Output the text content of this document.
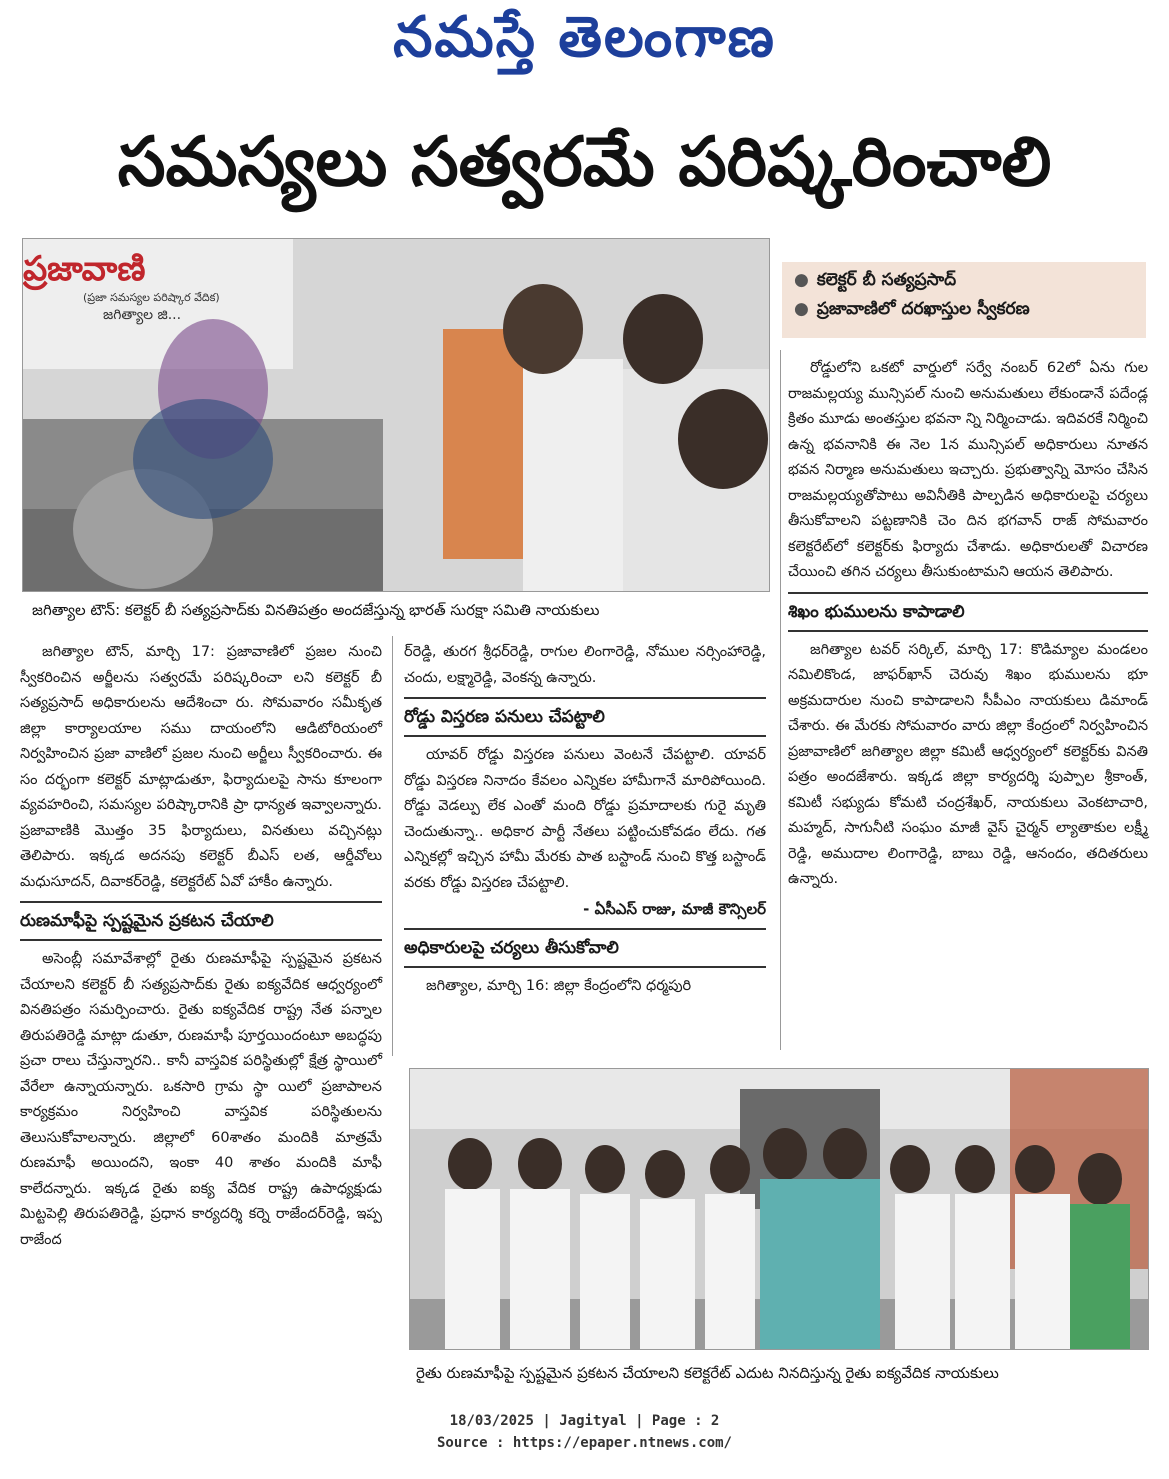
నమస్తే తెలంగాణ
సమస్యలు సత్వరమే పరిష్కరించాలి
ప్రజావాణి
(ప్రజా సమస్యల పరిష్కార వేదిక)
జగిత్యాల జి...
జగిత్యాల టౌన్‌: కలెక్టర్‌ బీ సత్యప్రసాద్‌కు వినతిపత్రం అందజేస్తున్న భారత్‌ సురక్షా సమితి నాయకులు
● కలెక్టర్‌ బీ సత్యప్రసాద్‌
● ప్రజావాణిలో దరఖాస్తుల స్వీకరణ

రోడ్డులోని ఒకటో వార్డులో సర్వే నంబర్‌ 62లో ఏను గుల రాజమల్లయ్య మున్సిపల్‌ నుంచి అనుమతులు లేకుండానే పదేండ్ల క్రితం మూడు అంతస్తుల భవనా న్ని నిర్మించాడు. ఇదివరకే నిర్మించి ఉన్న భవనానికి ఈ నెల 1న మున్సిపల్‌ అధికారులు నూతన భవన నిర్మాణ అనుమతులు ఇచ్చారు. ప్రభుత్వాన్ని మోసం చేసిన రాజమల్లయ్యతోపాటు అవినీతికి పాల్పడిన అధికారులపై చర్యలు తీసుకోవాలని పట్టణానికి చెం దిన భగవాన్‌ రాజ్‌ సోమవారం కలెక్టరేట్‌లో కలెక్టర్‌కు ఫిర్యాదు చేశాడు. అధికారులతో విచారణ చేయించి తగిన చర్యలు తీసుకుంటామని ఆయన తెలిపారు.

శిఖం భుములను కాపాడాలి

జగిత్యాల టవర్‌ సర్కిల్‌, మార్చి 17: కొడిమ్యాల మండలం నమిలికొండ, జాఫర్‌ఖాన్‌ చెరువు శిఖం భుములను భూ అక్రమదారుల నుంచి కాపాడాలని సీపీఎం నాయకులు డిమాండ్‌ చేశారు. ఈ మేరకు సోమవారం వారు జిల్లా కేంద్రంలో నిర్వహించిన ప్రజావాణిలో జగిత్యాల జిల్లా కమిటీ ఆధ్వర్యంలో కలెక్టర్‌కు వినతి పత్రం అందజేశారు. ఇక్కడ జిల్లా కార్యదర్శి పుప్పాల శ్రీకాంత్‌, కమిటీ సభ్యుడు కోమటి చంద్రశేఖర్‌, నాయకులు వెంకటాచారి, మహ్మద్‌, సాగునీటి సంఘం మాజీ వైస్‌ చైర్మన్‌ ల్యాతాకుల లక్ష్మీ రెడ్డి, అముదాల లింగారెడ్డి, బాబు రెడ్డి, ఆనందం, తదితరులు ఉన్నారు.

జగిత్యాల టౌన్‌, మార్చి 17: ప్రజావాణిలో ప్రజల నుంచి స్వీకరించిన అర్జీలను సత్వరమే పరిష్కరించా లని కలెక్టర్‌ బీ సత్యప్రసాద్‌ అధికారులను ఆదేశించా రు. సోమవారం సమీకృత జిల్లా కార్యాలయాల సము దాయంలోని ఆడిటోరియంలో నిర్వహించిన ప్రజా వాణిలో ప్రజల నుంచి అర్జీలు స్వీకరించారు. ఈ సం దర్భంగా కలెక్టర్‌ మాట్లాడుతూ, ఫిర్యాదులపై సాను కూలంగా వ్యవహరించి, సమస్యల పరిష్కారానికి ప్రా ధాన్యత ఇవ్వాలన్నారు. ప్రజావాణికి మొత్తం 35 ఫిర్యాదులు, వినతులు వచ్చినట్లు తెలిపారు. ఇక్కడ అదనపు కలెక్టర్‌ బీఎస్‌ లత, ఆర్డీవోలు మధుసూదన్‌, దివాకర్‌రెడ్డి, కలెక్టరేట్‌ ఏవో హాకీం ఉన్నారు.

రుణమాఫీపై స్పష్టమైన ప్రకటన చేయాలి

అసెంబ్లీ సమావేశాల్లో రైతు రుణమాఫీపై స్పష్టమైన ప్రకటన చేయాలని కలెక్టర్‌ బీ సత్యప్రసాద్‌కు రైతు ఐక్యవేదిక ఆధ్వర్యంలో వినతిపత్రం సమర్పించారు. రైతు ఐక్యవేదిక రాష్ట్ర నేత పన్నాల తిరుపతిరెడ్డి మాట్లా డుతూ, రుణమాఫీ పూర్తయిందంటూ అబద్ధపు ప్రచా రాలు చేస్తున్నారని.. కానీ వాస్తవిక పరిస్థితుల్లో క్షేత్ర స్థాయిలో వేరేలా ఉన్నాయన్నారు. ఒకసారి గ్రామ స్థా యిలో ప్రజాపాలన కార్యక్రమం నిర్వహించి వాస్తవిక పరిస్థితులను తెలుసుకోవాలన్నారు. జిల్లాలో 60శాతం మందికి మాత్రమే రుణమాఫీ అయిందని, ఇంకా 40 శాతం మందికి మాఫీ కాలేదన్నారు. ఇక్కడ రైతు ఐక్య వేదిక రాష్ట్ర ఉపాధ్యక్షుడు మిట్టపెల్లి తిరుపతిరెడ్డి, ప్రధాన కార్యదర్శి కర్నె రాజేందర్‌రెడ్డి, ఇప్ప రాజేంద

ర్‌రెడ్డి, తురగ శ్రీధర్‌రెడ్డి, రాగుల లింగారెడ్డి, నోముల నర్సింహారెడ్డి, చందు, లక్ష్మారెడ్డి, వెంకన్న ఉన్నారు.

రోడ్డు విస్తరణ పనులు చేపట్టాలి

యావర్‌ రోడ్డు విస్తరణ పనులు వెంటనే చేపట్టాలి. యావర్‌ రోడ్డు విస్తరణ నినాదం కేవలం ఎన్నికల హామీగానే మారిపోయింది. రోడ్డు వెడల్పు లేక ఎంతో మంది రోడ్డు ప్రమాదాలకు గురై మృతి చెందుతున్నా.. అధికార పార్టీ నేతలు పట్టించుకోవడం లేదు. గత ఎన్నికల్లో ఇచ్చిన హామీ మేరకు పాత బస్టాండ్‌ నుంచి కొత్త బస్టాండ్‌ వరకు రోడ్డు విస్తరణ చేపట్టాలి.

- ఏసీఎస్‌ రాజు, మాజీ కౌన్సిలర్‌
అధికారులపై చర్యలు తీసుకోవాలి

జగిత్యాల, మార్చి 16: జిల్లా కేంద్రంలోని ధర్మపురి

రైతు రుణమాఫీపై స్పష్టమైన ప్రకటన చేయాలని కలెక్టరేట్‌ ఎదుట నినదిస్తున్న రైతు ఐక్యవేదిక నాయకులు
18/03/2025 | Jagityal | Page : 2
Source : https://epaper.ntnews.com/
